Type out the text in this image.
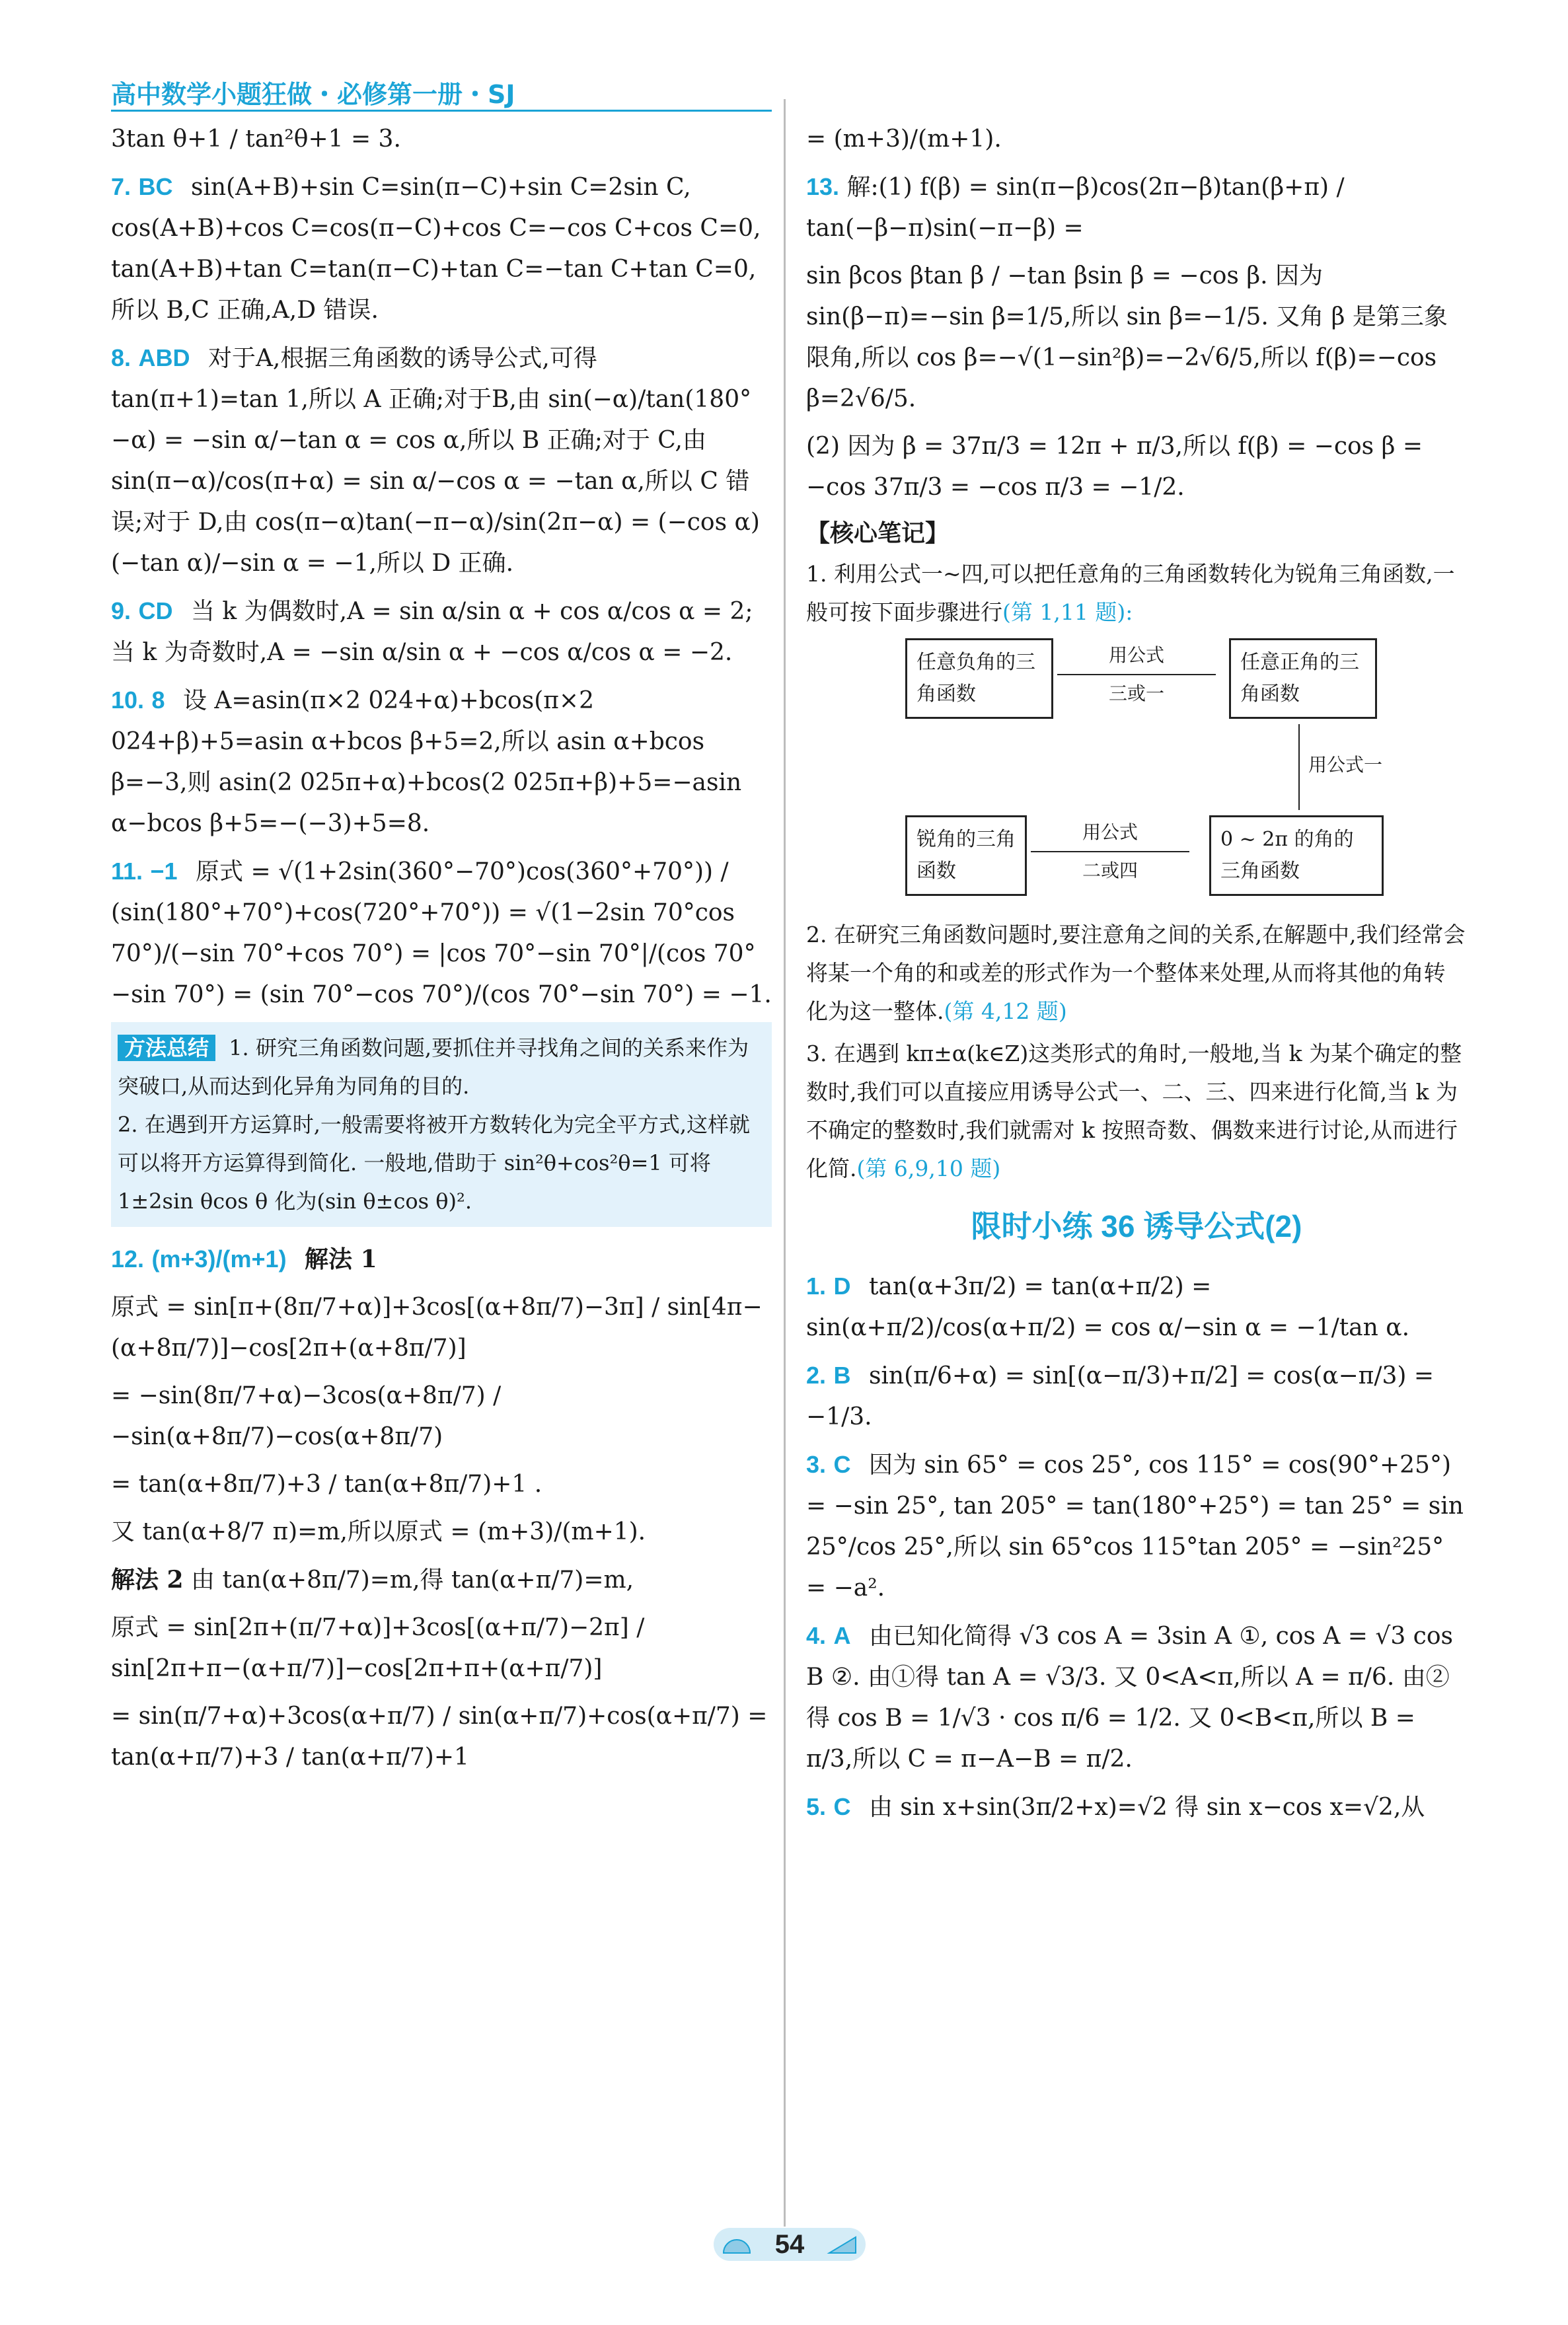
高中数学小题狂做・必修第一册・SJ

3tan θ+1 / tan²θ+1 = 3.

7. BC sin(A+B)+sin C=sin(π−C)+sin C=2sin C, cos(A+B)+cos C=cos(π−C)+cos C=−cos C+cos C=0, tan(A+B)+tan C=tan(π−C)+tan C=−tan C+tan C=0,所以 B,C 正确,A,D 错误.

8. ABD 对于A,根据三角函数的诱导公式,可得 tan(π+1)=tan 1,所以 A 正确;对于B,由 sin(−α)/tan(180°−α) = −sin α/−tan α = cos α,所以 B 正确;对于 C,由 sin(π−α)/cos(π+α) = sin α/−cos α = −tan α,所以 C 错误;对于 D,由 cos(π−α)tan(−π−α)/sin(2π−α) = (−cos α)(−tan α)/−sin α = −1,所以 D 正确.

9. CD 当 k 为偶数时,A = sin α/sin α + cos α/cos α = 2;当 k 为奇数时,A = −sin α/sin α + −cos α/cos α = −2.

10. 8 设 A=asin(π×2 024+α)+bcos(π×2 024+β)+5=asin α+bcos β+5=2,所以 asin α+bcos β=−3,则 asin(2 025π+α)+bcos(2 025π+β)+5=−asin α−bcos β+5=−(−3)+5=8.

11. −1 原式 = √(1+2sin(360°−70°)cos(360°+70°)) / (sin(180°+70°)+cos(720°+70°)) = √(1−2sin 70°cos 70°)/(−sin 70°+cos 70°) = |cos 70°−sin 70°|/(cos 70°−sin 70°) = (sin 70°−cos 70°)/(cos 70°−sin 70°) = −1.

方法总结 1. 研究三角函数问题,要抓住并寻找角之间的关系来作为突破口,从而达到化异角为同角的目的.
2. 在遇到开方运算时,一般需要将被开方数转化为完全平方式,这样就可以将开方运算得到简化. 一般地,借助于 sin²θ+cos²θ=1 可将 1±2sin θcos θ 化为(sin θ±cos θ)².

12. (m+3)/(m+1) 解法 1

原式 = sin[π+(8π/7+α)]+3cos[(α+8π/7)−3π] / sin[4π−(α+8π/7)]−cos[2π+(α+8π/7)]

= −sin(8π/7+α)−3cos(α+8π/7) / −sin(α+8π/7)−cos(α+8π/7)

= tan(α+8π/7)+3 / tan(α+8π/7)+1 .

又 tan(α+8/7 π)=m,所以原式 = (m+3)/(m+1).

解法 2 由 tan(α+8π/7)=m,得 tan(α+π/7)=m,

原式 = sin[2π+(π/7+α)]+3cos[(α+π/7)−2π] / sin[2π+π−(α+π/7)]−cos[2π+π+(α+π/7)]

= sin(π/7+α)+3cos(α+π/7) / sin(α+π/7)+cos(α+π/7) = tan(α+π/7)+3 / tan(α+π/7)+1

= (m+3)/(m+1).

13. 解:(1) f(β) = sin(π−β)cos(2π−β)tan(β+π) / tan(−β−π)sin(−π−β) =

sin βcos βtan β / −tan βsin β = −cos β. 因为 sin(β−π)=−sin β=1/5,所以 sin β=−1/5. 又角 β 是第三象限角,所以 cos β=−√(1−sin²β)=−2√6/5,所以 f(β)=−cos β=2√6/5.

(2) 因为 β = 37π/3 = 12π + π/3,所以 f(β) = −cos β = −cos 37π/3 = −cos π/3 = −1/2.

【核心笔记】

1. 利用公式一~四,可以把任意角的三角函数转化为锐角三角函数,一般可按下面步骤进行(第 1,11 题):

任意负角的三角函数
用公式
三或一
任意正角的三角函数
用公式一
0 ~ 2π 的角的三角函数
用公式
二或四
锐角的三角函数

2. 在研究三角函数问题时,要注意角之间的关系,在解题中,我们经常会将某一个角的和或差的形式作为一个整体来处理,从而将其他的角转化为这一整体.(第 4,12 题)

3. 在遇到 kπ±α(k∈Z)这类形式的角时,一般地,当 k 为某个确定的整数时,我们可以直接应用诱导公式一、二、三、四来进行化简,当 k 为不确定的整数时,我们就需对 k 按照奇数、偶数来进行讨论,从而进行化简.(第 6,9,10 题)

限时小练 36 诱导公式(2)

1. D tan(α+3π/2) = tan(α+π/2) = sin(α+π/2)/cos(α+π/2) = cos α/−sin α = −1/tan α.

2. B sin(π/6+α) = sin[(α−π/3)+π/2] = cos(α−π/3) = −1/3.

3. C 因为 sin 65° = cos 25°, cos 115° = cos(90°+25°) = −sin 25°, tan 205° = tan(180°+25°) = tan 25° = sin 25°/cos 25°,所以 sin 65°cos 115°tan 205° = −sin²25° = −a².

4. A 由已知化简得 √3 cos A = 3sin A ①, cos A = √3 cos B ②. 由①得 tan A = √3/3. 又 0<A<π,所以 A = π/6. 由②得 cos B = 1/√3 · cos π/6 = 1/2. 又 0<B<π,所以 B = π/3,所以 C = π−A−B = π/2.

5. C 由 sin x+sin(3π/2+x)=√2 得 sin x−cos x=√2,从

54
